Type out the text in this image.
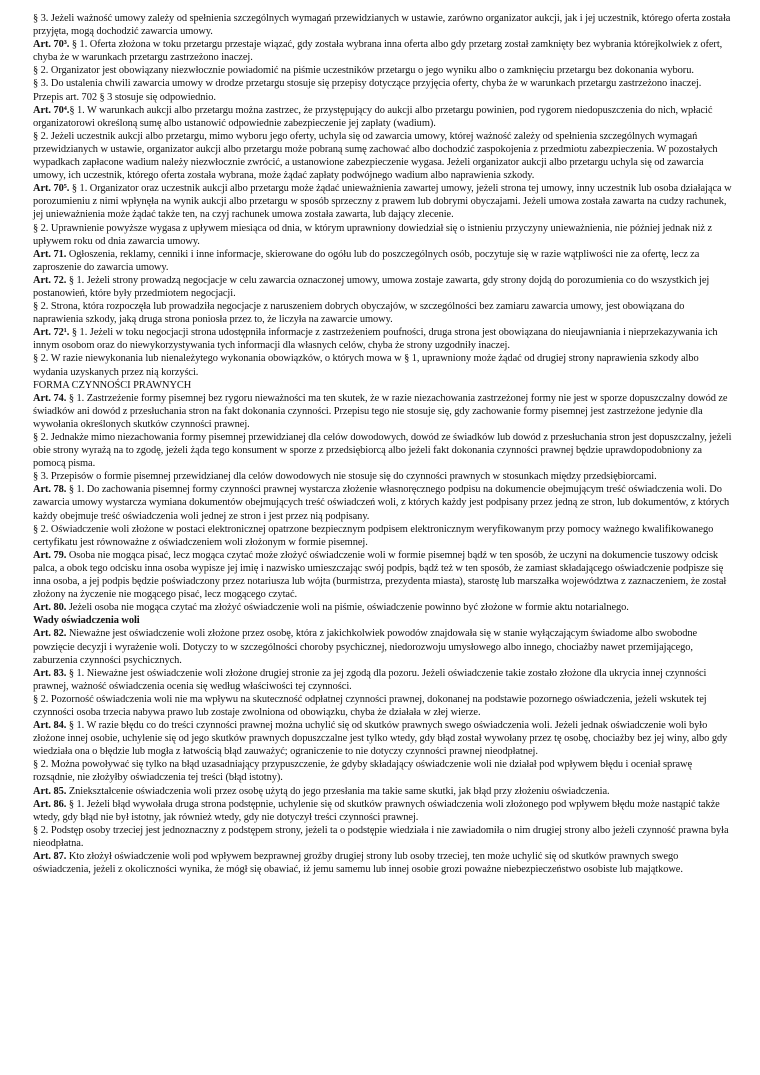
§ 3. Jeżeli ważność umowy zależy od spełnienia szczególnych wymagań przewidzianych w ustawie, zarówno organizator aukcji, jak i jej uczestnik, którego oferta została przyjęta, mogą dochodzić zawarcia umowy.

Art. 70³. § 1. Oferta złożona w toku przetargu przestaje wiązać, gdy została wybrana inna oferta albo gdy przetarg został zamknięty bez wybrania którejkolwiek z ofert, chyba że w warunkach przetargu zastrzeżono inaczej.

§ 2. Organizator jest obowiązany niezwłocznie powiadomić na piśmie uczestników przetargu o jego wyniku albo o zamknięciu przetargu bez dokonania wyboru.

§ 3. Do ustalenia chwili zawarcia umowy w drodze przetargu stosuje się przepisy dotyczące przyjęcia oferty, chyba że w warunkach przetargu zastrzeżono inaczej. Przepis art. 702 § 3 stosuje się odpowiednio.

Art. 70⁴.§ 1. W warunkach aukcji albo przetargu można zastrzec, że przystępujący do aukcji albo przetargu powinien, pod rygorem niedopuszczenia do nich, wpłacić organizatorowi określoną sumę albo ustanowić odpowiednie zabezpieczenie jej zapłaty (wadium).

§ 2. Jeżeli uczestnik aukcji albo przetargu, mimo wyboru jego oferty, uchyla się od zawarcia umowy, której ważność zależy od spełnienia szczególnych wymagań przewidzianych w ustawie, organizator aukcji albo przetargu może pobraną sumę zachować albo dochodzić zaspokojenia z przedmiotu zabezpieczenia. W pozostałych wypadkach zapłacone wadium należy niezwłocznie zwrócić, a ustanowione zabezpieczenie wygasa. Jeżeli organizator aukcji albo przetargu uchyla się od zawarcia umowy, ich uczestnik, którego oferta została wybrana, może żądać zapłaty podwójnego wadium albo naprawienia szkody.

Art. 70⁵. § 1. Organizator oraz uczestnik aukcji albo przetargu może żądać unieważnienia zawartej umowy, jeżeli strona tej umowy, inny uczestnik lub osoba działająca w porozumieniu z nimi wpłynęła na wynik aukcji albo przetargu w sposób sprzeczny z prawem lub dobrymi obyczajami. Jeżeli umowa została zawarta na cudzy rachunek, jej unieważnienia może żądać także ten, na czyj rachunek umowa została zawarta, lub dający zlecenie.

§ 2. Uprawnienie powyższe wygasa z upływem miesiąca od dnia, w którym uprawniony dowiedział się o istnieniu przyczyny unieważnienia, nie później jednak niż z upływem roku od dnia zawarcia umowy.

Art. 71. Ogłoszenia, reklamy, cenniki i inne informacje, skierowane do ogółu lub do poszczególnych osób, poczytuje się w razie wątpliwości nie za ofertę, lecz za zaproszenie do zawarcia umowy.

Art. 72. § 1. Jeżeli strony prowadzą negocjacje w celu zawarcia oznaczonej umowy, umowa zostaje zawarta, gdy strony dojdą do porozumienia co do wszystkich jej postanowień, które były przedmiotem negocjacji.

§ 2. Strona, która rozpoczęła lub prowadziła negocjacje z naruszeniem dobrych obyczajów, w szczególności bez zamiaru zawarcia umowy, jest obowiązana do naprawienia szkody, jaką druga strona poniosła przez to, że liczyła na zawarcie umowy.

Art. 72¹. § 1. Jeżeli w toku negocjacji strona udostępniła informacje z zastrzeżeniem poufności, druga strona jest obowiązana do nieujawniania i nieprzekazywania ich innym osobom oraz do niewykorzystywania tych informacji dla własnych celów, chyba że strony uzgodniły inaczej.

§ 2. W razie niewykonania lub nienależytego wykonania obowiązków, o których mowa w § 1, uprawniony może żądać od drugiej strony naprawienia szkody albo wydania uzyskanych przez nią korzyści.

FORMA CZYNNOŚCI PRAWNYCH

Art. 74. § 1. Zastrzeżenie formy pisemnej bez rygoru nieważności ma ten skutek, że w razie niezachowania zastrzeżonej formy nie jest w sporze dopuszczalny dowód ze świadków ani dowód z przesłuchania stron na fakt dokonania czynności. Przepisu tego nie stosuje się, gdy zachowanie formy pisemnej jest zastrzeżone jedynie dla wywołania określonych skutków czynności prawnej.

§ 2. Jednakże mimo niezachowania formy pisemnej przewidzianej dla celów dowodowych, dowód ze świadków lub dowód z przesłuchania stron jest dopuszczalny, jeżeli obie strony wyrażą na to zgodę, jeżeli żąda tego konsument w sporze z przedsiębiorcą albo jeżeli fakt dokonania czynności prawnej będzie uprawdopodobniony za pomocą pisma.

§ 3. Przepisów o formie pisemnej przewidzianej dla celów dowodowych nie stosuje się do czynności prawnych w stosunkach między przedsiębiorcami.

Art. 78. § 1. Do zachowania pisemnej formy czynności prawnej wystarcza złożenie własnoręcznego podpisu na dokumencie obejmującym treść oświadczenia woli. Do zawarcia umowy wystarcza wymiana dokumentów obejmujących treść oświadczeń woli, z których każdy jest podpisany przez jedną ze stron, lub dokumentów, z których każdy obejmuje treść oświadczenia woli jednej ze stron i jest przez nią podpisany.

§ 2. Oświadczenie woli złożone w postaci elektronicznej opatrzone bezpiecznym podpisem elektronicznym weryfikowanym przy pomocy ważnego kwalifikowanego certyfikatu jest równoważne z oświadczeniem woli złożonym w formie pisemnej.

Art. 79. Osoba nie mogąca pisać, lecz mogąca czytać może złożyć oświadczenie woli w formie pisemnej bądź w ten sposób, że uczyni na dokumencie tuszowy odcisk palca, a obok tego odcisku inna osoba wypisze jej imię i nazwisko umieszczając swój podpis, bądź też w ten sposób, że zamiast składającego oświadczenie podpisze się inna osoba, a jej podpis będzie poświadczony przez notariusza lub wójta (burmistrza, prezydenta miasta), starostę lub marszałka województwa z zaznaczeniem, że został złożony na życzenie nie mogącego pisać, lecz mogącego czytać.

Art. 80. Jeżeli osoba nie mogąca czytać ma złożyć oświadczenie woli na piśmie, oświadczenie powinno być złożone w formie aktu notarialnego.

Wady oświadczenia woli

Art. 82. Nieważne jest oświadczenie woli złożone przez osobę, która z jakichkolwiek powodów znajdowała się w stanie wyłączającym świadome albo swobodne powzięcie decyzji i wyrażenie woli. Dotyczy to w szczególności choroby psychicznej, niedorozwoju umysłowego albo innego, chociażby nawet przemijającego, zaburzenia czynności psychicznych.

Art. 83. § 1. Nieważne jest oświadczenie woli złożone drugiej stronie za jej zgodą dla pozoru. Jeżeli oświadczenie takie zostało złożone dla ukrycia innej czynności prawnej, ważność oświadczenia ocenia się według właściwości tej czynności.

§ 2. Pozorność oświadczenia woli nie ma wpływu na skuteczność odpłatnej czynności prawnej, dokonanej na podstawie pozornego oświadczenia, jeżeli wskutek tej czynności osoba trzecia nabywa prawo lub zostaje zwolniona od obowiązku, chyba że działała w złej wierze.

Art. 84. § 1. W razie błędu co do treści czynności prawnej można uchylić się od skutków prawnych swego oświadczenia woli. Jeżeli jednak oświadczenie woli było złożone innej osobie, uchylenie się od jego skutków prawnych dopuszczalne jest tylko wtedy, gdy błąd został wywołany przez tę osobę, chociażby bez jej winy, albo gdy wiedziała ona o błędzie lub mogła z łatwością błąd zauważyć; ograniczenie to nie dotyczy czynności prawnej nieodpłatnej.

§ 2. Można powoływać się tylko na błąd uzasadniający przypuszczenie, że gdyby składający oświadczenie woli nie działał pod wpływem błędu i oceniał sprawę rozsądnie, nie złożyłby oświadczenia tej treści (błąd istotny).

Art. 85. Zniekształcenie oświadczenia woli przez osobę użytą do jego przesłania ma takie same skutki, jak błąd przy złożeniu oświadczenia.

Art. 86. § 1. Jeżeli błąd wywołała druga strona podstępnie, uchylenie się od skutków prawnych oświadczenia woli złożonego pod wpływem błędu może nastąpić także wtedy, gdy błąd nie był istotny, jak również wtedy, gdy nie dotyczył treści czynności prawnej.

§ 2. Podstęp osoby trzeciej jest jednoznaczny z podstępem strony, jeżeli ta o podstępie wiedziała i nie zawiadomiła o nim drugiej strony albo jeżeli czynność prawna była nieodpłatna.

Art. 87. Kto złożył oświadczenie woli pod wpływem bezprawnej groźby drugiej strony lub osoby trzeciej, ten może uchylić się od skutków prawnych swego oświadczenia, jeżeli z okoliczności wynika, że mógł się obawiać, iż jemu samemu lub innej osobie grozi poważne niebezpieczeństwo osobiste lub majątkowe.
